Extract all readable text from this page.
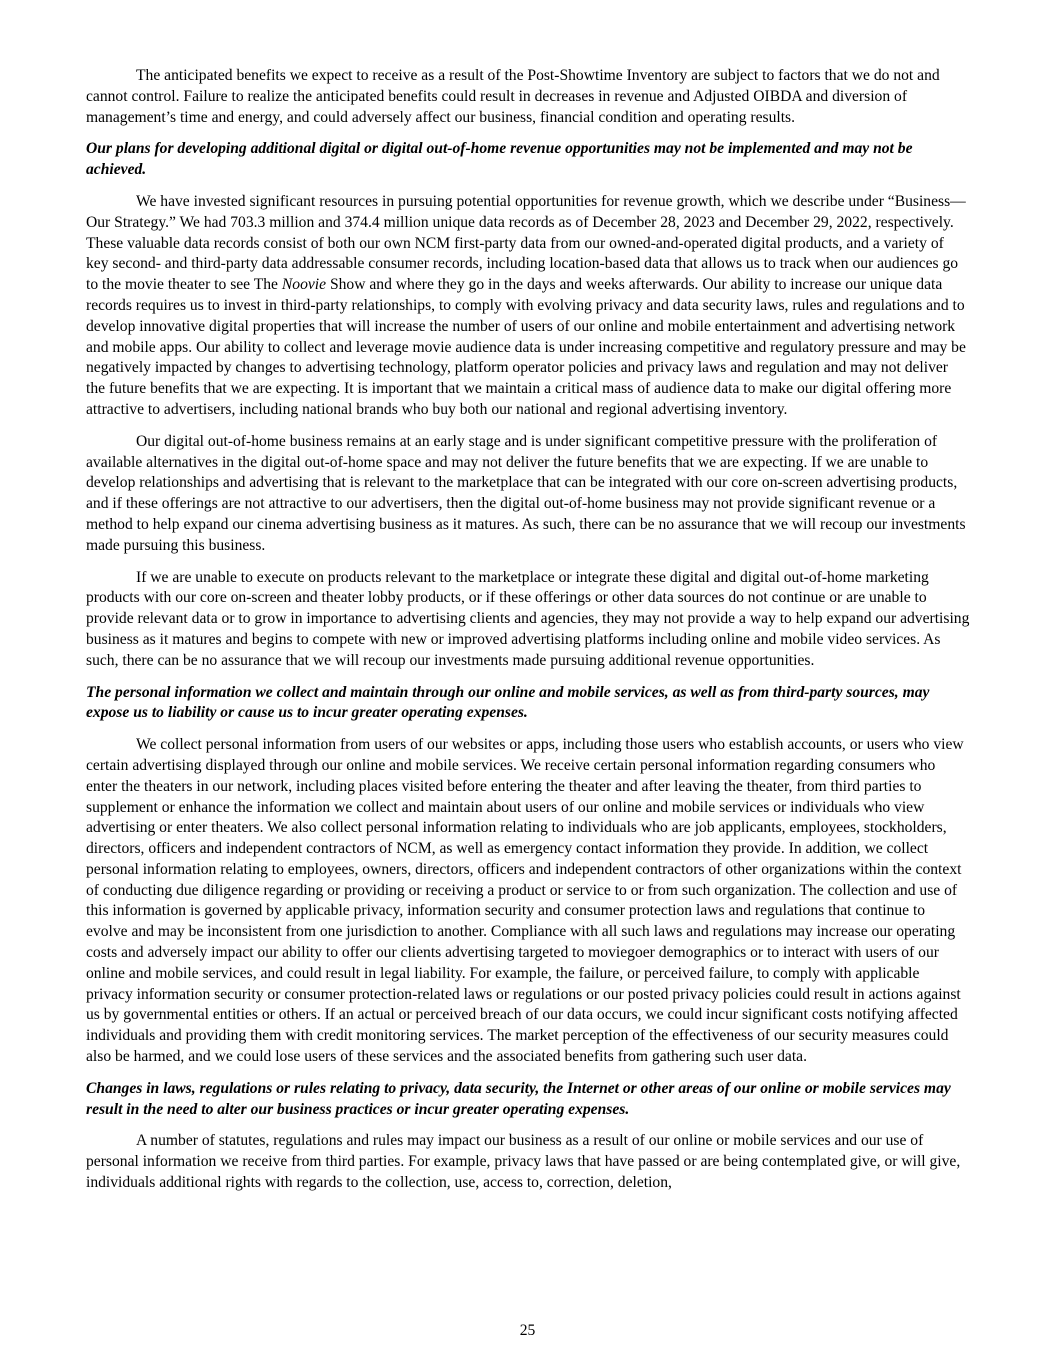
The anticipated benefits we expect to receive as a result of the Post-Showtime Inventory are subject to factors that we do not and cannot control. Failure to realize the anticipated benefits could result in decreases in revenue and Adjusted OIBDA and diversion of management’s time and energy, and could adversely affect our business, financial condition and operating results.

Our plans for developing additional digital or digital out-of-home revenue opportunities may not be implemented and may not be achieved.

We have invested significant resources in pursuing potential opportunities for revenue growth, which we describe under “Business—Our Strategy.” We had 703.3 million and 374.4 million unique data records as of December 28, 2023 and December 29, 2022, respectively. These valuable data records consist of both our own NCM first-party data from our owned-and-operated digital products, and a variety of key second- and third-party data addressable consumer records, including location-based data that allows us to track when our audiences go to the movie theater to see The Noovie Show and where they go in the days and weeks afterwards. Our ability to increase our unique data records requires us to invest in third-party relationships, to comply with evolving privacy and data security laws, rules and regulations and to develop innovative digital properties that will increase the number of users of our online and mobile entertainment and advertising network and mobile apps. Our ability to collect and leverage movie audience data is under increasing competitive and regulatory pressure and may be negatively impacted by changes to advertising technology, platform operator policies and privacy laws and regulation and may not deliver the future benefits that we are expecting. It is important that we maintain a critical mass of audience data to make our digital offering more attractive to advertisers, including national brands who buy both our national and regional advertising inventory.

Our digital out-of-home business remains at an early stage and is under significant competitive pressure with the proliferation of available alternatives in the digital out-of-home space and may not deliver the future benefits that we are expecting. If we are unable to develop relationships and advertising that is relevant to the marketplace that can be integrated with our core on-screen advertising products, and if these offerings are not attractive to our advertisers, then the digital out-of-home business may not provide significant revenue or a method to help expand our cinema advertising business as it matures. As such, there can be no assurance that we will recoup our investments made pursuing this business.

If we are unable to execute on products relevant to the marketplace or integrate these digital and digital out-of-home marketing products with our core on-screen and theater lobby products, or if these offerings or other data sources do not continue or are unable to provide relevant data or to grow in importance to advertising clients and agencies, they may not provide a way to help expand our advertising business as it matures and begins to compete with new or improved advertising platforms including online and mobile video services. As such, there can be no assurance that we will recoup our investments made pursuing additional revenue opportunities.

The personal information we collect and maintain through our online and mobile services, as well as from third-party sources, may expose us to liability or cause us to incur greater operating expenses.

We collect personal information from users of our websites or apps, including those users who establish accounts, or users who view certain advertising displayed through our online and mobile services. We receive certain personal information regarding consumers who enter the theaters in our network, including places visited before entering the theater and after leaving the theater, from third parties to supplement or enhance the information we collect and maintain about users of our online and mobile services or individuals who view advertising or enter theaters. We also collect personal information relating to individuals who are job applicants, employees, stockholders, directors, officers and independent contractors of NCM, as well as emergency contact information they provide. In addition, we collect personal information relating to employees, owners, directors, officers and independent contractors of other organizations within the context of conducting due diligence regarding or providing or receiving a product or service to or from such organization. The collection and use of this information is governed by applicable privacy, information security and consumer protection laws and regulations that continue to evolve and may be inconsistent from one jurisdiction to another. Compliance with all such laws and regulations may increase our operating costs and adversely impact our ability to offer our clients advertising targeted to moviegoer demographics or to interact with users of our online and mobile services, and could result in legal liability. For example, the failure, or perceived failure, to comply with applicable privacy information security or consumer protection-related laws or regulations or our posted privacy policies could result in actions against us by governmental entities or others. If an actual or perceived breach of our data occurs, we could incur significant costs notifying affected individuals and providing them with credit monitoring services. The market perception of the effectiveness of our security measures could also be harmed, and we could lose users of these services and the associated benefits from gathering such user data.

Changes in laws, regulations or rules relating to privacy, data security, the Internet or other areas of our online or mobile services may result in the need to alter our business practices or incur greater operating expenses.

A number of statutes, regulations and rules may impact our business as a result of our online or mobile services and our use of personal information we receive from third parties. For example, privacy laws that have passed or are being contemplated give, or will give, individuals additional rights with regards to the collection, use, access to, correction, deletion,

25
